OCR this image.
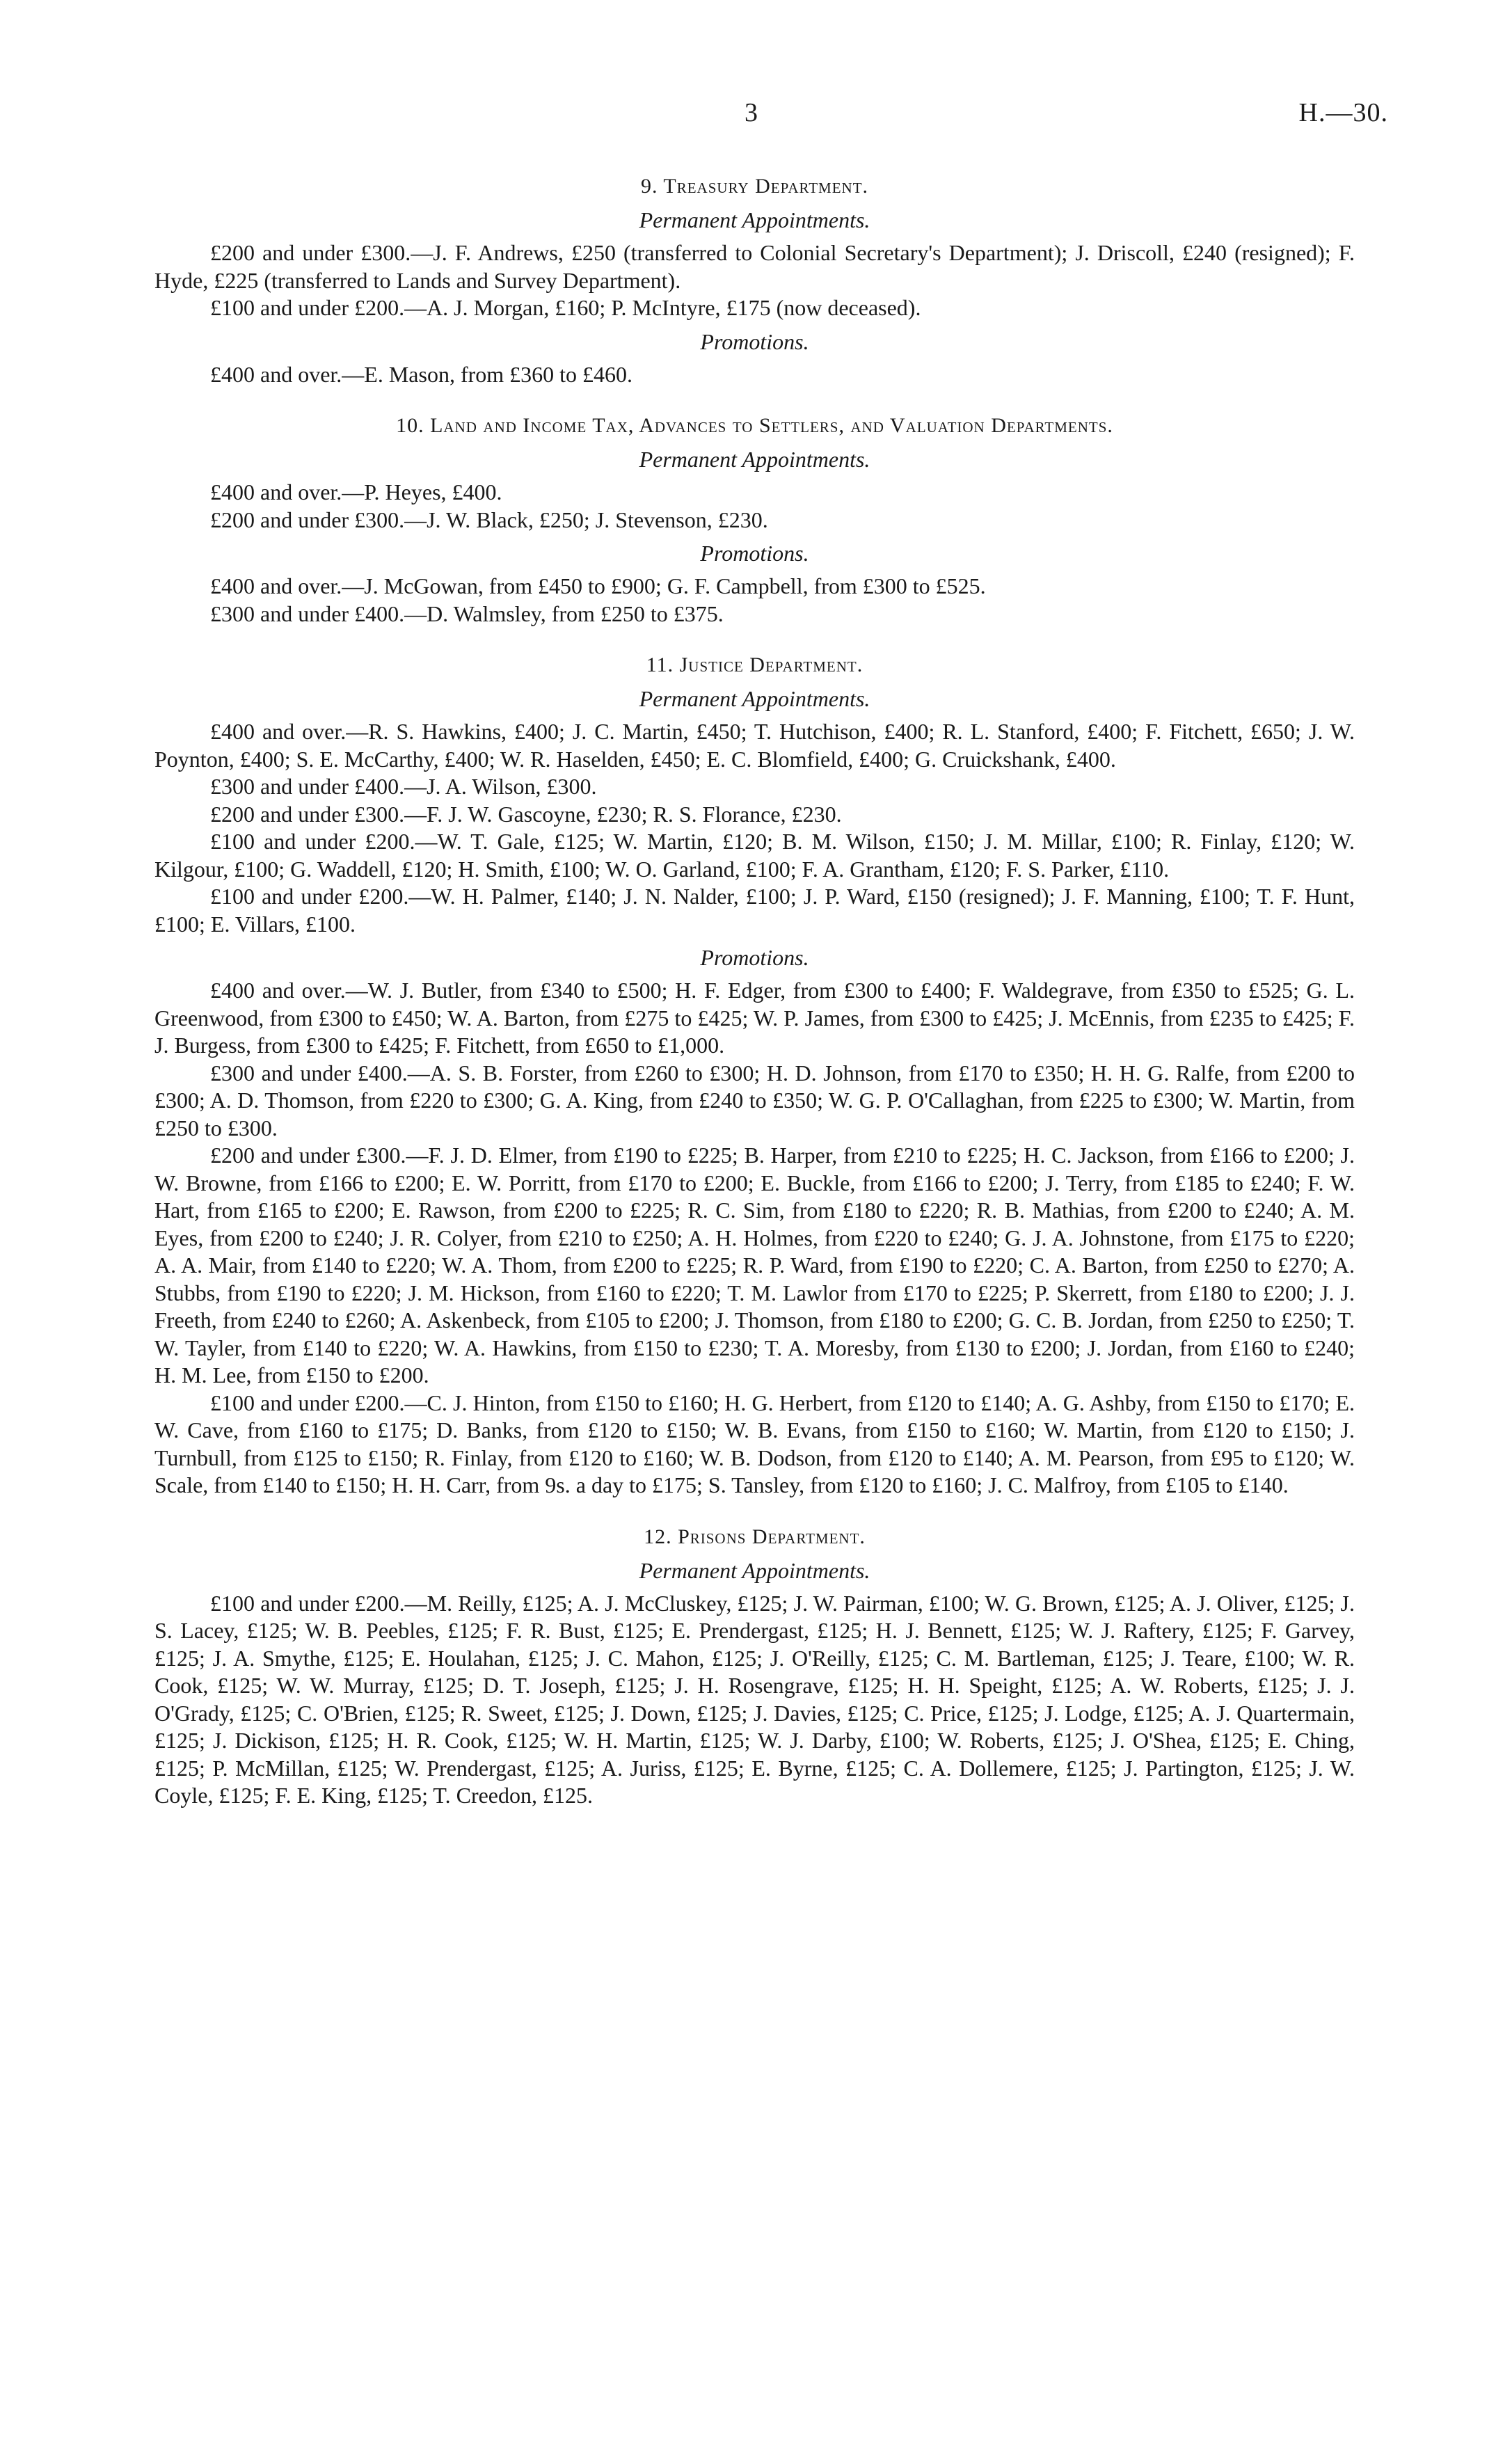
3	H.—30.
9. Treasury Department.
Permanent Appointments.

£200 and under £300.—J. F. Andrews, £250 (transferred to Colonial Secretary's Department); J. Driscoll, £240 (resigned); F. Hyde, £225 (transferred to Lands and Survey Department).

£100 and under £200.—A. J. Morgan, £160; P. McIntyre, £175 (now deceased).

Promotions.

£400 and over.—E. Mason, from £360 to £460.

10. Land and Income Tax, Advances to Settlers, and Valuation Departments.
Permanent Appointments.

£400 and over.—P. Heyes, £400.

£200 and under £300.—J. W. Black, £250; J. Stevenson, £230.

Promotions.

£400 and over.—J. McGowan, from £450 to £900; G. F. Campbell, from £300 to £525.

£300 and under £400.—D. Walmsley, from £250 to £375.

11. Justice Department.
Permanent Appointments.

£400 and over.—R. S. Hawkins, £400; J. C. Martin, £450; T. Hutchison, £400; R. L. Stanford, £400; F. Fitchett, £650; J. W. Poynton, £400; S. E. McCarthy, £400; W. R. Haselden, £450; E. C. Blomfield, £400; G. Cruickshank, £400.

£300 and under £400.—J. A. Wilson, £300.

£200 and under £300.—F. J. W. Gascoyne, £230; R. S. Florance, £230.

£100 and under £200.—W. T. Gale, £125; W. Martin, £120; B. M. Wilson, £150; J. M. Millar, £100; R. Finlay, £120; W. Kilgour, £100; G. Waddell, £120; H. Smith, £100; W. O. Garland, £100; F. A. Grantham, £120; F. S. Parker, £110.

£100 and under £200.—W. H. Palmer, £140; J. N. Nalder, £100; J. P. Ward, £150 (resigned); J. F. Manning, £100; T. F. Hunt, £100; E. Villars, £100.

Promotions.

£400 and over.—W. J. Butler, from £340 to £500; H. F. Edger, from £300 to £400; F. Waldegrave, from £350 to £525; G. L. Greenwood, from £300 to £450; W. A. Barton, from £275 to £425; W. P. James, from £300 to £425; J. McEnnis, from £235 to £425; F. J. Burgess, from £300 to £425; F. Fitchett, from £650 to £1,000.

£300 and under £400.—A. S. B. Forster, from £260 to £300; H. D. Johnson, from £170 to £350; H. H. G. Ralfe, from £200 to £300; A. D. Thomson, from £220 to £300; G. A. King, from £240 to £350; W. G. P. O'Callaghan, from £225 to £300; W. Martin, from £250 to £300.

£200 and under £300.—F. J. D. Elmer, from £190 to £225; B. Harper, from £210 to £225; H. C. Jackson, from £166 to £200; J. W. Browne, from £166 to £200; E. W. Porritt, from £170 to £200; E. Buckle, from £166 to £200; J. Terry, from £185 to £240; F. W. Hart, from £165 to £200; E. Rawson, from £200 to £225; R. C. Sim, from £180 to £220; R. B. Mathias, from £200 to £240; A. M. Eyes, from £200 to £240; J. R. Colyer, from £210 to £250; A. H. Holmes, from £220 to £240; G. J. A. Johnstone, from £175 to £220; A. A. Mair, from £140 to £220; W. A. Thom, from £200 to £225; R. P. Ward, from £190 to £220; C. A. Barton, from £250 to £270; A. Stubbs, from £190 to £220; J. M. Hickson, from £160 to £220; T. M. Lawlor from £170 to £225; P. Skerrett, from £180 to £200; J. J. Freeth, from £240 to £260; A. Askenbeck, from £105 to £200; J. Thomson, from £180 to £200; G. C. B. Jordan, from £250 to £250; T. W. Tayler, from £140 to £220; W. A. Hawkins, from £150 to £230; T. A. Moresby, from £130 to £200; J. Jordan, from £160 to £240; H. M. Lee, from £150 to £200.

£100 and under £200.—C. J. Hinton, from £150 to £160; H. G. Herbert, from £120 to £140; A. G. Ashby, from £150 to £170; E. W. Cave, from £160 to £175; D. Banks, from £120 to £150; W. B. Evans, from £150 to £160; W. Martin, from £120 to £150; J. Turnbull, from £125 to £150; R. Finlay, from £120 to £160; W. B. Dodson, from £120 to £140; A. M. Pearson, from £95 to £120; W. Scale, from £140 to £150; H. H. Carr, from 9s. a day to £175; S. Tansley, from £120 to £160; J. C. Malfroy, from £105 to £140.

12. Prisons Department.
Permanent Appointments.

£100 and under £200.—M. Reilly, £125; A. J. McCluskey, £125; J. W. Pairman, £100; W. G. Brown, £125; A. J. Oliver, £125; J. S. Lacey, £125; W. B. Peebles, £125; F. R. Bust, £125; E. Prendergast, £125; H. J. Bennett, £125; W. J. Raftery, £125; F. Garvey, £125; J. A. Smythe, £125; E. Houlahan, £125; J. C. Mahon, £125; J. O'Reilly, £125; C. M. Bartleman, £125; J. Teare, £100; W. R. Cook, £125; W. W. Murray, £125; D. T. Joseph, £125; J. H. Rosengrave, £125; H. H. Speight, £125; A. W. Roberts, £125; J. J. O'Grady, £125; C. O'Brien, £125; R. Sweet, £125; J. Down, £125; J. Davies, £125; C. Price, £125; J. Lodge, £125; A. J. Quartermain, £125; J. Dickison, £125; H. R. Cook, £125; W. H. Martin, £125; W. J. Darby, £100; W. Roberts, £125; J. O'Shea, £125; E. Ching, £125; P. McMillan, £125; W. Prendergast, £125; A. Juriss, £125; E. Byrne, £125; C. A. Dollemere, £125; J. Partington, £125; J. W. Coyle, £125; F. E. King, £125; T. Creedon, £125.
